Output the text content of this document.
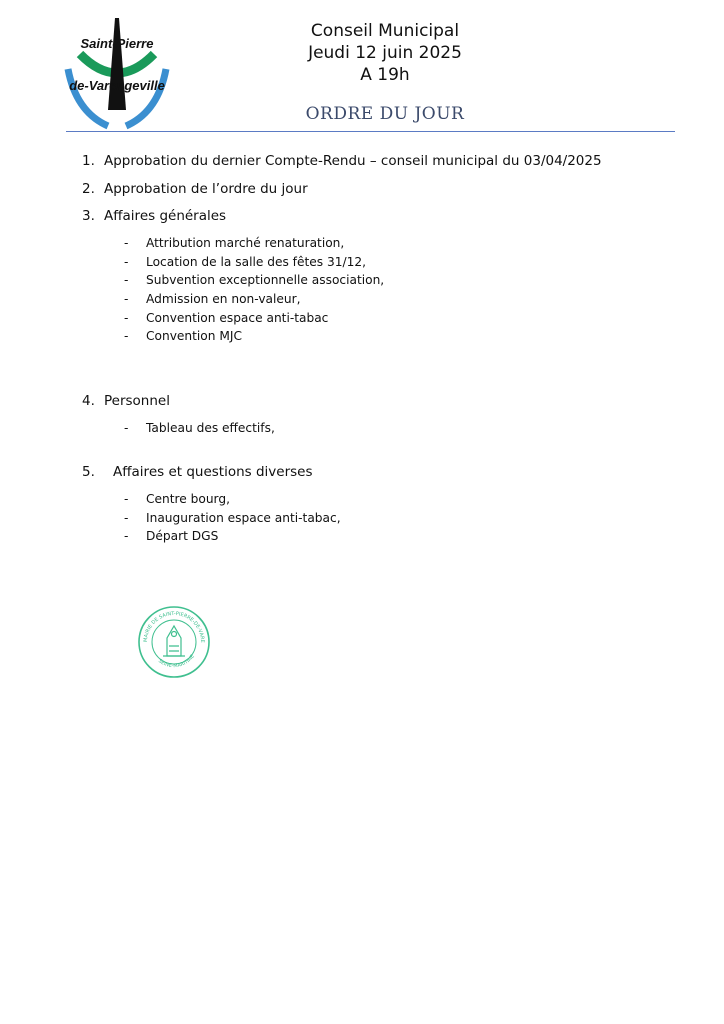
Saint-Pierre
de-Varengeville
Conseil Municipal
Jeudi 12 juin 2025
A 19h
ORDRE DU JOUR
1. Approbation du dernier Compte-Rendu – conseil municipal du 03/04/2025
2. Approbation de l’ordre du jour
3. Affaires générales
- Attribution marché renaturation,
- Location de la salle des fêtes 31/12,
- Subvention exceptionnelle association,
- Admission en non-valeur,
- Convention espace anti-tabac
- Convention MJC
4. Personnel
- Tableau des effectifs,
5. Affaires et questions diverses
- Centre bourg,
- Inauguration espace anti-tabac,
- Départ DGS
MAIRIE DE SAINT-PIERRE-DE-VARE
SEINE-MARITIME
